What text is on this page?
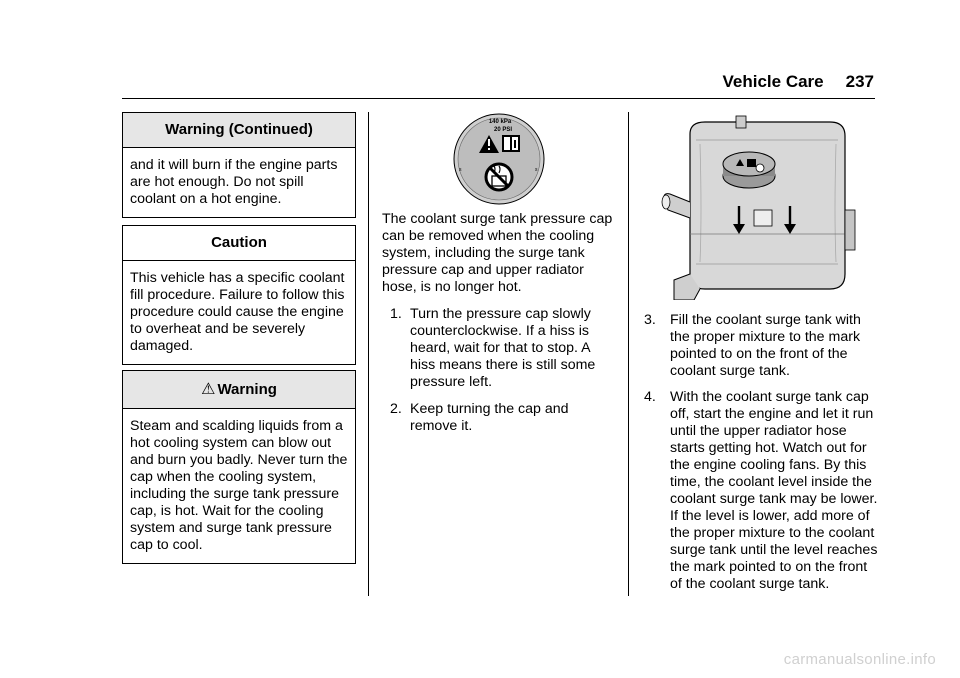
Vehicle Care 237
Warning (Continued)
and it will burn if the engine parts are hot enough. Do not spill coolant on a hot engine.
Caution
This vehicle has a specific coolant fill procedure. Failure to follow this procedure could cause the engine to overheat and be severely damaged.
⚠ Warning
Steam and scalding liquids from a hot cooling system can blow out and burn you badly. Never turn the cap when the cooling system, including the surge tank pressure cap, is hot. Wait for the cooling system and surge tank pressure cap to cool.
140 kPa
20 PSI
s	s
The coolant surge tank pressure cap can be removed when the cooling system, including the surge tank pressure cap and upper radiator hose, is no longer hot.
1. Turn the pressure cap slowly counterclockwise. If a hiss is heard, wait for that to stop. A hiss means there is still some pressure left.
2. Keep turning the cap and remove it.
3. Fill the coolant surge tank with the proper mixture to the mark pointed to on the front of the coolant surge tank.
4. With the coolant surge tank cap off, start the engine and let it run until the upper radiator hose starts getting hot. Watch out for the engine cooling fans. By this time, the coolant level inside the coolant surge tank may be lower. If the level is lower, add more of the proper mixture to the coolant surge tank until the level reaches the mark pointed to on the front of the coolant surge tank.
carmanualsonline.info
